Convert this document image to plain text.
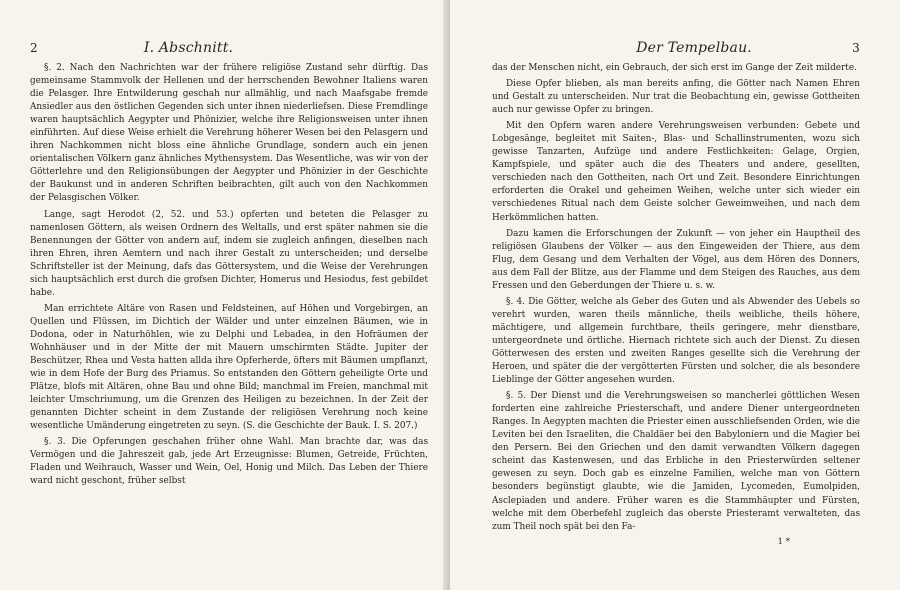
2	I. Abschnitt.

§. 2. Nach den Nachrichten war der frühere religiöse Zustand sehr dürftig. Das gemeinsame Stammvolk der Hellenen und der herrschenden Bewohner Italiens waren die Pelasger. Ihre Entwilderung geschah nur allmählig, und nach Maafsgabe fremde Ansiedler aus den östlichen Gegenden sich unter ihnen niederliefsen. Diese Fremdlinge waren hauptsächlich Aegypter und Phönizier, welche ihre Religionsweisen unter ihnen einführten. Auf diese Weise erhielt die Verehrung höherer Wesen bei den Pelasgern und ihren Nachkommen nicht bloss eine ähnliche Grundlage, sondern auch ein jenen orientalischen Völkern ganz ähnliches Mythensystem. Das Wesentliche, was wir von der Götterlehre und den Religionsübungen der Aegypter und Phönizier in der Geschichte der Baukunst und in anderen Schriften beibrachten, gilt auch von den Nachkommen der Pelasgischen Völker.

Lange, sagt Herodot (2, 52. und 53.) opferten und beteten die Pelasger zu namenlosen Göttern, als weisen Ordnern des Weltalls, und erst später nahmen sie die Benennungen der Götter von andern auf, indem sie zugleich anfingen, dieselben nach ihren Ehren, ihren Aemtern und nach ihrer Gestalt zu unterscheiden; und derselbe Schriftsteller ist der Meinung, dafs das Göttersystem, und die Weise der Verehrungen sich hauptsächlich erst durch die grofsen Dichter, Homerus und Hesiodus, fest gebildet habe.

Man errichtete Altäre von Rasen und Feldsteinen, auf Höhen und Vorgebirgen, an Quellen und Flüssen, im Dichtich der Wälder und unter einzelnen Bäumen, wie in Dodona, oder in Naturhöhlen, wie zu Delphi und Lebadea, in den Hofräumen der Wohnhäuser und in der Mitte der mit Mauern umschirmten Städte. Jupiter der Beschützer, Rhea und Vesta hatten allda ihre Opferherde, öfters mit Bäumen umpflanzt, wie in dem Hofe der Burg des Priamus. So entstanden den Göttern geheiligte Orte und Plätze, blofs mit Altären, ohne Bau und ohne Bild; manchmal im Freien, manchmal mit leichter Umschriumung, um die Grenzen des Heiligen zu bezeichnen. In der Zeit der genannten Dichter scheint in dem Zustande der religiösen Verehrung noch keine wesentliche Umänderung eingetreten zu seyn. (S. die Geschichte der Bauk. I. S. 207.)

§. 3. Die Opferungen geschahen früher ohne Wahl. Man brachte dar, was das Vermögen und die Jahreszeit gab, jede Art Erzeugnisse: Blumen, Getreide, Früchten, Fladen und Weihrauch, Wasser und Wein, Oel, Honig und Milch. Das Leben der Thiere ward nicht geschont, früher selbst

Der Tempelbau.	3

das der Menschen nicht, ein Gebrauch, der sich erst im Gange der Zeit milderte.

Diese Opfer blieben, als man bereits anfing, die Götter nach Namen Ehren und Gestalt zu unterscheiden. Nur trat die Beobachtung ein, gewisse Gottheiten auch nur gewisse Opfer zu bringen.

Mit den Opfern waren andere Verehrungsweisen verbunden: Gebete und Lobgesänge, begleitet mit Saiten-, Blas- und Schallinstrumenten, wozu sich gewisse Tanzarten, Aufzüge und andere Festlichkeiten: Gelage, Orgien, Kampfspiele, und später auch die des Theaters und andere, gesellten, verschieden nach den Gottheiten, nach Ort und Zeit. Besondere Einrichtungen erforderten die Orakel und geheimen Weihen, welche unter sich wieder ein verschiedenes Ritual nach dem Geiste solcher Geweimweihen, und nach dem Herkömmlichen hatten.

Dazu kamen die Erforschungen der Zukunft — von jeher ein Hauptheil des religiösen Glaubens der Völker — aus den Eingeweiden der Thiere, aus dem Flug, dem Gesang und dem Verhalten der Vögel, aus dem Hören des Donners, aus dem Fall der Blitze, aus der Flamme und dem Steigen des Rauches, aus dem Fressen und den Geberdungen der Thiere u. s. w.

§. 4. Die Götter, welche als Geber des Guten und als Abwender des Uebels so verehrt wurden, waren theils männliche, theils weibliche, theils höhere, mächtigere, und allgemein furchtbare, theils geringere, mehr dienstbare, untergeordnete und örtliche. Hiernach richtete sich auch der Dienst. Zu diesen Götterwesen des ersten und zweiten Ranges gesellte sich die Verehrung der Heroen, und später die der vergötterten Fürsten und solcher, die als besondere Lieblinge der Götter angesehen wurden.

§. 5. Der Dienst und die Verehrungsweisen so mancherlei göttlichen Wesen forderten eine zahlreiche Priesterschaft, und andere Diener untergeordneten Ranges. In Aegypten machten die Priester einen ausschliefsenden Orden, wie die Leviten bei den Israeliten, die Chaldäer bei den Babyloniern und die Magier bei den Persern. Bei den Griechen und den damit verwandten Völkern dagegen scheint das Kastenwesen, und das Erbliche in den Priesterwürden seltener gewesen zu seyn. Doch gab es einzelne Familien, welche man von Göttern besonders begünstigt glaubte, wie die Jamiden, Lycomeden, Eumolpiden, Asclepiaden und andere. Früher waren es die Stammhäupter und Fürsten, welche mit dem Oberbefehl zugleich das oberste Priesteramt verwalteten, das zum Theil noch spät bei den Fa-

1 *
